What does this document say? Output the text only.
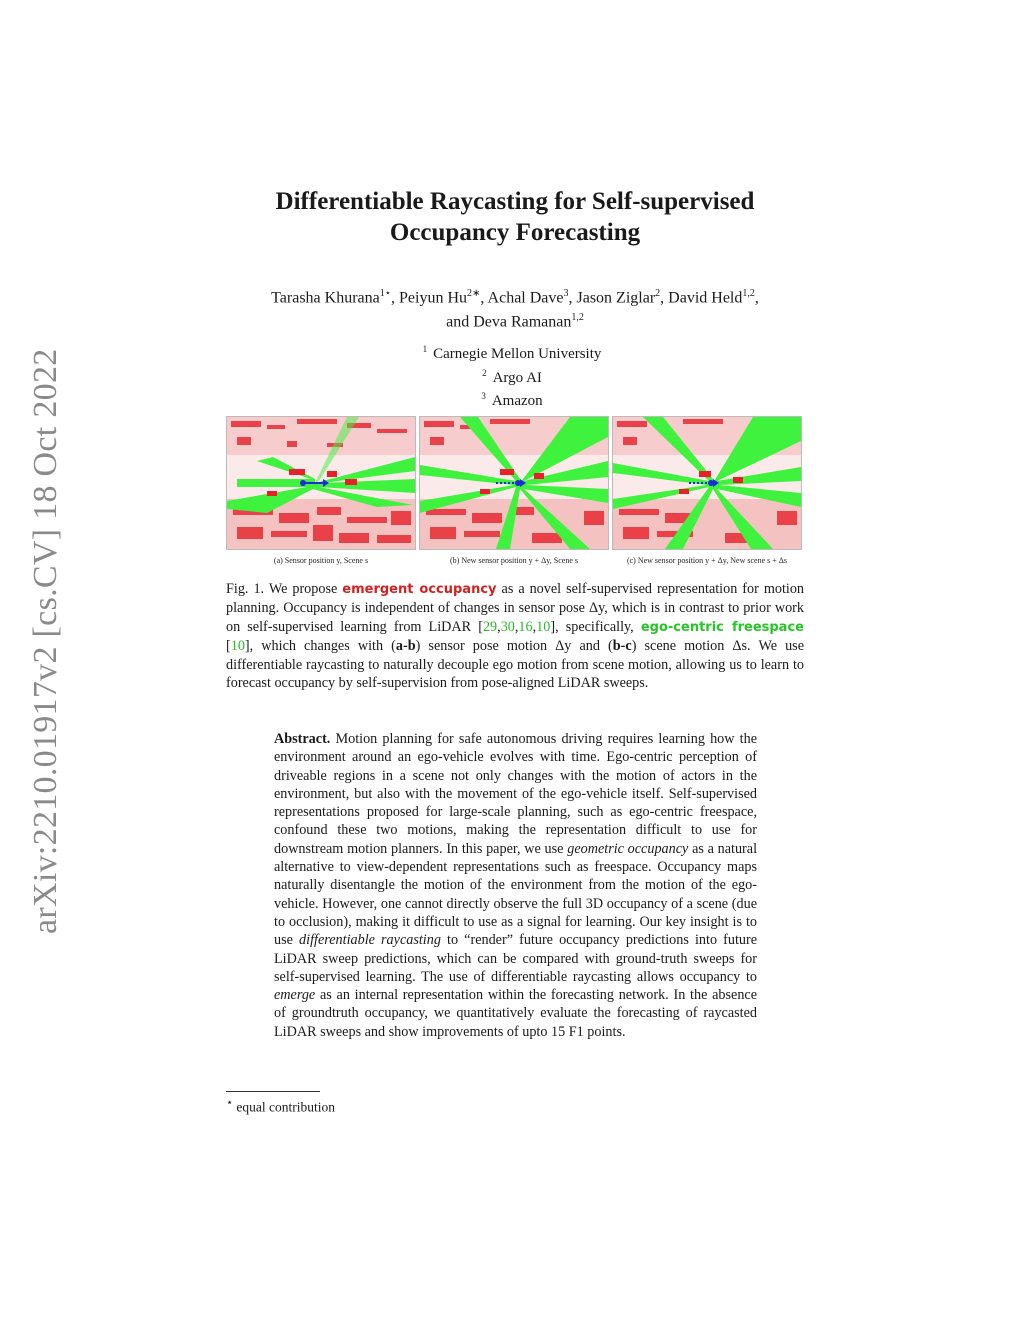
arXiv:2210.01917v2 [cs.CV] 18 Oct 2022
Differentiable Raycasting for Self-supervised
Occupancy Forecasting
Tarasha Khurana$^{1⋆}$, Peiyun $Hu^{2∗}$, Achal Dave$^3$, Jason Ziglar$^2$, David Held$^{1,2}$,
and Deva Ramanan$^{1,2}$
$^1$ Carnegie Mellon University
$^2$ Argo AI
$^3$ Amazon
(a) Sensor position y, Scene s	(b) New sensor position y + Δy, Scene s	(c) New sensor position y + Δy, New scene s + Δs
Fig. 1. We propose emergent occupancy as a novel self-supervised representation for motion planning. Occupancy is independent of changes in sensor pose Δy, which is in contrast to prior work on self-supervised learning from LiDAR [29,30,16,10], specifically, ego-centric freespace [10], which changes with (a-b) sensor pose motion Δy and (b-c) scene motion Δs. We use differentiable raycasting to naturally decouple ego motion from scene motion, allowing us to learn to forecast occupancy by self-supervision from pose-aligned LiDAR sweeps.
Abstract. Motion planning for safe autonomous driving requires learning how the environment around an ego-vehicle evolves with time. Ego-centric perception of driveable regions in a scene not only changes with the motion of actors in the environment, but also with the movement of the ego-vehicle itself. Self-supervised representations proposed for large-scale planning, such as ego-centric freespace, confound these two motions, making the representation difficult to use for downstream motion planners. In this paper, we use geometric occupancy as a natural alternative to view-dependent representations such as freespace. Occupancy maps naturally disentangle the motion of the environment from the motion of the ego-vehicle. However, one cannot directly observe the full 3D occupancy of a scene (due to occlusion), making it difficult to use as a signal for learning. Our key insight is to use differentiable raycasting to “render” future occupancy predictions into future LiDAR sweep predictions, which can be compared with ground-truth sweeps for self-supervised learning. The use of differentiable raycasting allows occupancy to emerge as an internal representation within the forecasting network. In the absence of groundtruth occupancy, we quantitatively evaluate the forecasting of raycasted LiDAR sweeps and show improvements of upto 15 F1 points.
⋆ equal contribution
